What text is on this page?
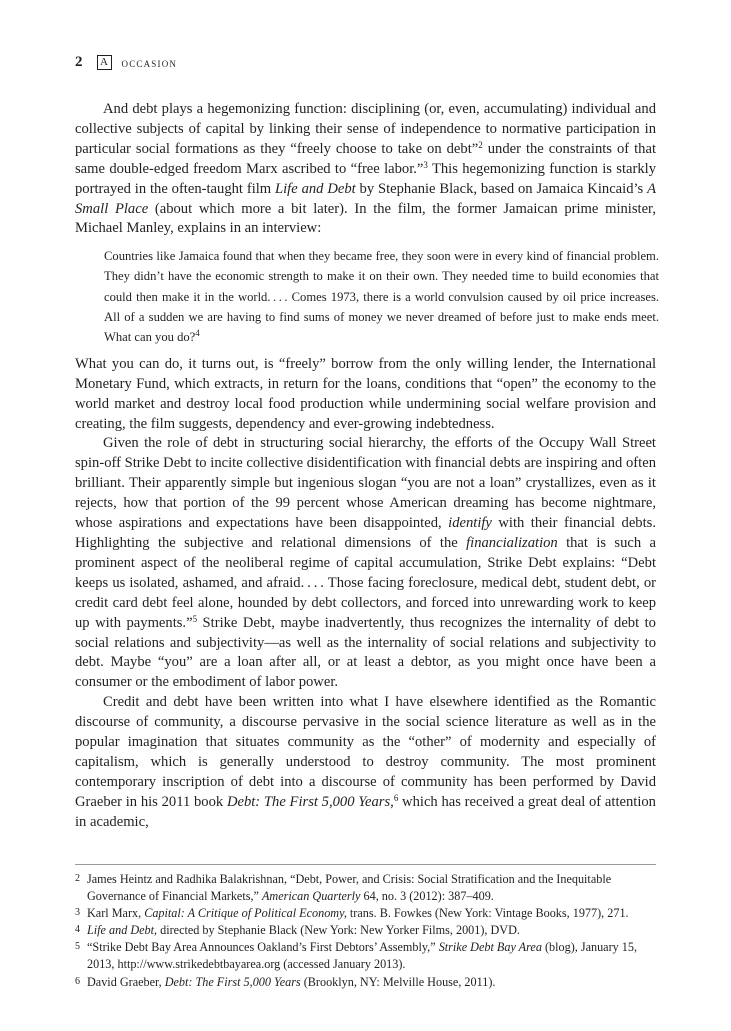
2	A occasion

And debt plays a hegemonizing function: disciplining (or, even, accumulating) individual and collective subjects of capital by linking their sense of independence to normative participation in particular social formations as they “freely choose to take on debt”$^2$ under the constraints of that same double-edged freedom Marx ascribed to “free labor.”$^3$ This hegemonizing function is starkly portrayed in the often-taught film Life and Debt by Stephanie Black, based on Jamaica Kincaid’s A Small Place (about which more a bit later). In the film, the former Jamaican prime minister, Michael Manley, explains in an interview:

Countries like Jamaica found that when they became free, they soon were in every kind of financial problem. They didn’t have the economic strength to make it on their own. They needed time to build economies that could then make it in the world. . . . Comes 1973, there is a world convulsion caused by oil price increases. All of a sudden we are having to find sums of money we never dreamed of before just to make ends meet. What can you do?$^4$

What you can do, it turns out, is “freely” borrow from the only willing lender, the International Monetary Fund, which extracts, in return for the loans, conditions that “open” the economy to the world market and destroy local food production while undermining social welfare provision and creating, the film suggests, dependency and ever-growing indebtedness.

Given the role of debt in structuring social hierarchy, the efforts of the Occupy Wall Street spin-off Strike Debt to incite collective disidentification with financial debts are inspiring and often brilliant. Their apparently simple but ingenious slogan “you are not a loan” crystallizes, even as it rejects, how that portion of the 99 percent whose American dreaming has become nightmare, whose aspirations and expectations have been disappointed, identify with their financial debts. Highlighting the subjective and relational dimensions of the financialization that is such a prominent aspect of the neoliberal regime of capital accumulation, Strike Debt explains: “Debt keeps us isolated, ashamed, and afraid. . . . Those facing foreclosure, medical debt, student debt, or credit card debt feel alone, hounded by debt collectors, and forced into unrewarding work to keep up with payments.”$^5$ Strike Debt, maybe inadvertently, thus recognizes the internality of debt to social relations and subjectivity—as well as the internality of social relations and subjectivity to debt. Maybe “you” are a loan after all, or at least a debtor, as you might once have been a consumer or the embodiment of labor power.

Credit and debt have been written into what I have elsewhere identified as the Romantic discourse of community, a discourse pervasive in the social science literature as well as in the popular imagination that situates community as the “other” of modernity and especially of capitalism, which is generally understood to destroy community. The most prominent contemporary inscription of debt into a discourse of community has been performed by David Graeber in his 2011 book Debt: The First 5,000 Years,$^6$ which has received a great deal of attention in academic,

2 James Heintz and Radhika Balakrishnan, “Debt, Power, and Crisis: Social Stratification and the Inequitable Governance of Financial Markets,” American Quarterly 64, no. 3 (2012): 387–409.

3 Karl Marx, Capital: A Critique of Political Economy, trans. B. Fowkes (New York: Vintage Books, 1977), 271.

4 Life and Debt, directed by Stephanie Black (New York: New Yorker Films, 2001), DVD.

5 “Strike Debt Bay Area Announces Oakland’s First Debtors’ Assembly,” Strike Debt Bay Area (blog), January 15, 2013, http://www.strikedebtbayarea.org (accessed January 2013).

6 David Graeber, Debt: The First 5,000 Years (Brooklyn, NY: Melville House, 2011).
